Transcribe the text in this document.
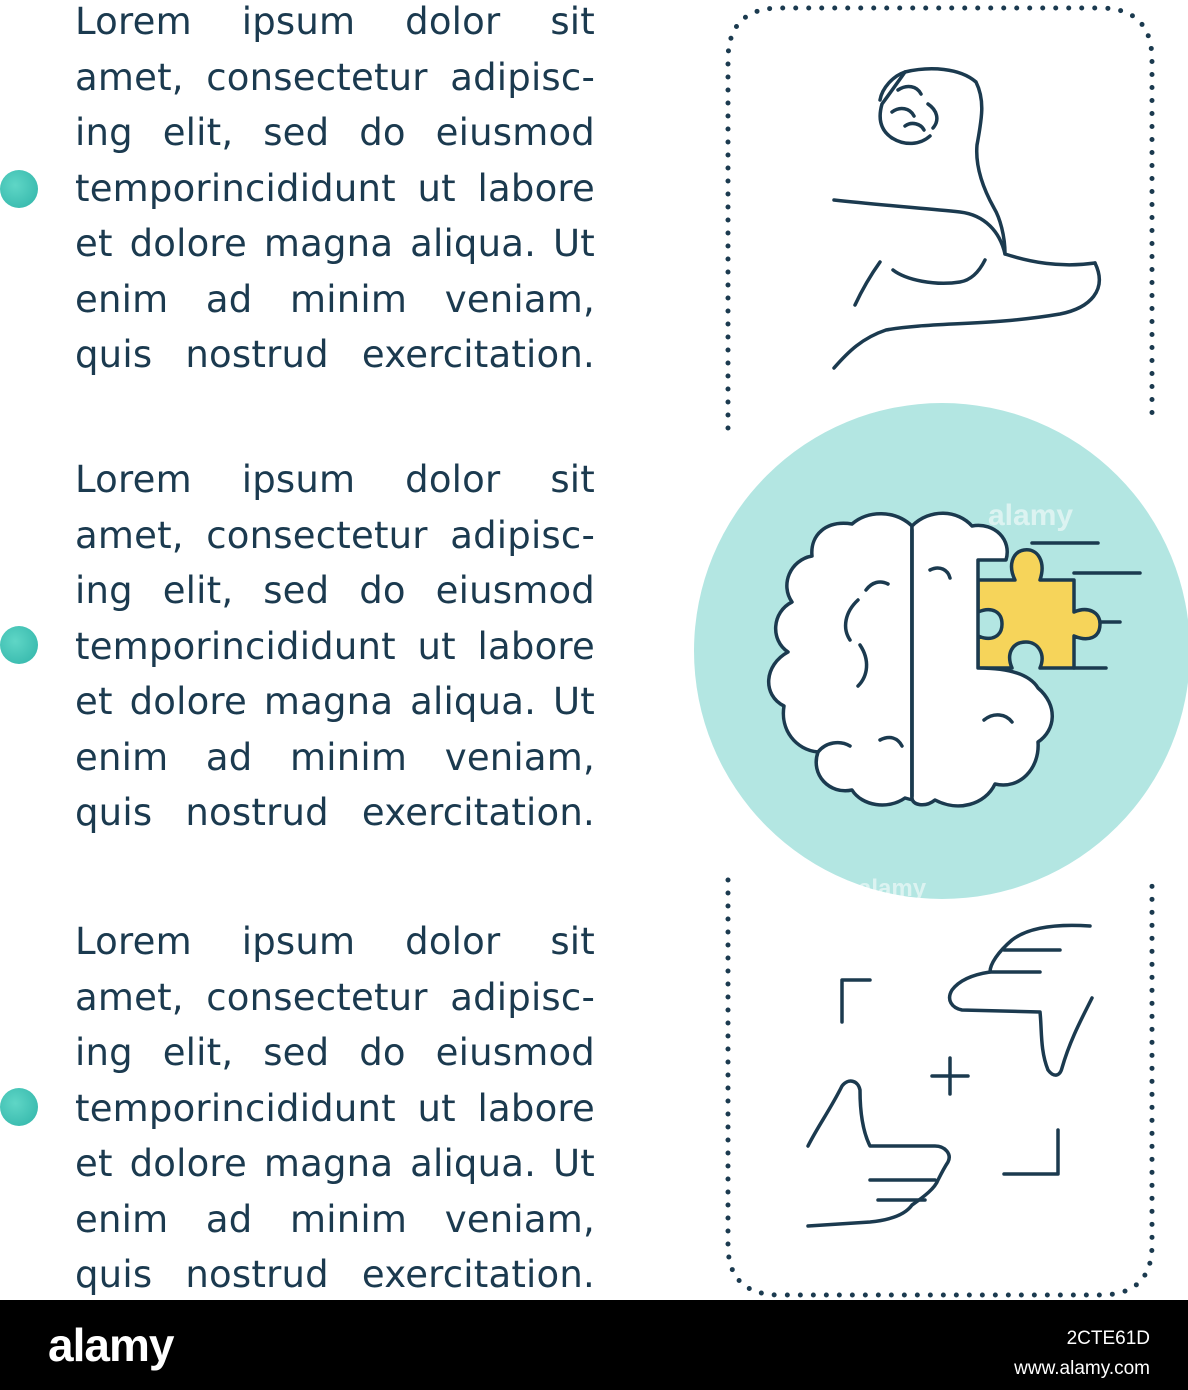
Lorem ipsum dolor sit
amet, consectetur adipisc-
ing elit, sed do eiusmod
temporincididunt ut labore
et dolore magna aliqua. Ut
enim ad minim veniam,
quis nostrud exercitation.
Lorem ipsum dolor sit
amet, consectetur adipisc-
ing elit, sed do eiusmod
temporincididunt ut labore
et dolore magna aliqua. Ut
enim ad minim veniam,
quis nostrud exercitation.
Lorem ipsum dolor sit
amet, consectetur adipisc-
ing elit, sed do eiusmod
temporincididunt ut labore
et dolore magna aliqua. Ut
enim ad minim veniam,
quis nostrud exercitation.
alamy
alamy
alamy	2CTE61D
www.alamy.com
